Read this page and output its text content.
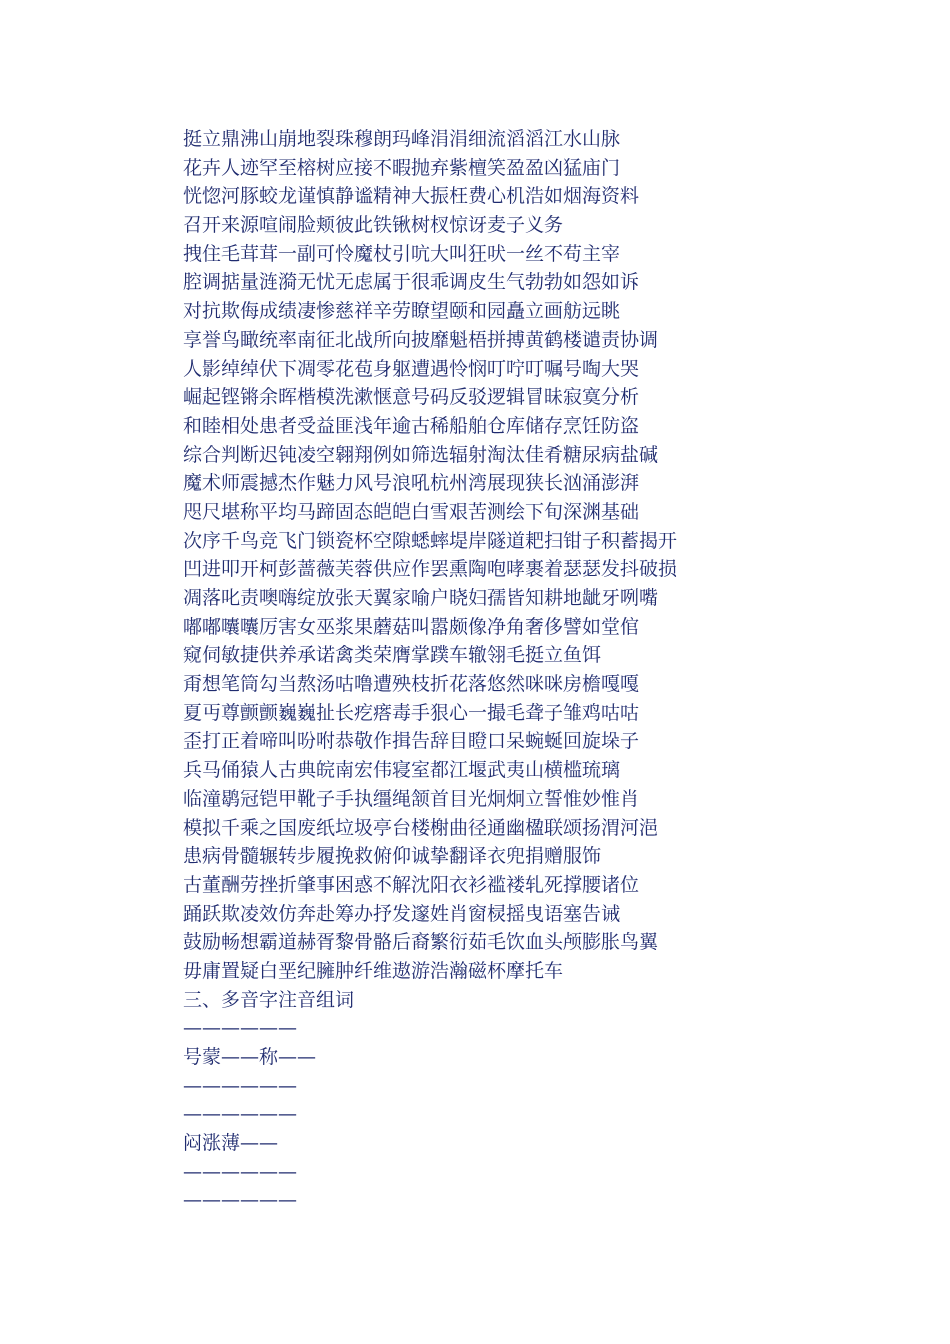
挺立鼎沸山崩地裂珠穆朗玛峰涓涓细流滔滔江水山脉
花卉人迹罕至榕树应接不暇抛弃紫檀笑盈盈凶猛庙门
恍惚河豚蛟龙谨慎静谧精神大振枉费心机浩如烟海资料
召开来源喧闹脸颊彼此铁锹树杈惊讶麦子义务
拽住毛茸茸一副可怜魔杖引吭大叫狂吠一丝不苟主宰
腔调掂量涟漪无忧无虑属于很乖调皮生气勃勃如怨如诉
对抗欺侮成绩凄惨慈祥辛劳瞭望颐和园矗立画舫远眺
享誉鸟瞰统率南征北战所向披靡魁梧拼搏黄鹤楼谴责协调
人影绰绰伏下凋零花苞身躯遭遇怜悯叮咛叮嘱号啕大哭
崛起铿锵余晖楷模洗漱惬意号码反驳逻辑冒昧寂寞分析
和睦相处患者受益匪浅年逾古稀船舶仓库储存烹饪防盗
综合判断迟钝凌空翱翔例如筛选辐射淘汰佳肴糖尿病盐碱
魔术师震撼杰作魅力风号浪吼杭州湾展现狭长汹涌澎湃
咫尺堪称平均马蹄固态皑皑白雪艰苦测绘下旬深渊基础
次序千鸟竞飞门锁瓷杯空隙蟋蟀堤岸隧道耙扫钳子积蓄揭开
凹进叩开柯彭蔷薇芙蓉供应作罢熏陶咆哮裹着瑟瑟发抖破损
凋落叱责噢嗨绽放张天翼家喻户晓妇孺皆知耕地龇牙咧嘴
嘟嘟囔囔厉害女巫浆果蘑菇叫嚣颇像净角奢侈譬如堂倌
窥伺敏捷供养承诺禽类荣膺掌蹼车辙翎毛挺立鱼饵
甭想笔筒勾当熬汤咕噜遭殃枝折花落悠然咪咪房檐嘎嘎
夏丏尊颤颤巍巍扯长疙瘩毒手狠心一撮毛聋子雏鸡咕咕
歪打正着啼叫吩咐恭敬作揖告辞目瞪口呆蜿蜒回旋垛子
兵马俑猿人古典皖南宏伟寝室都江堰武夷山横槛琉璃
临潼鹖冠铠甲靴子手执缰绳颔首目光炯炯立誓惟妙惟肖
模拟千乘之国废纸垃圾亭台楼榭曲径通幽楹联颂扬渭河浥
患病骨髓辗转步履挽救俯仰诚挚翻译衣兜捐赠服饰
古董酬劳挫折肇事困惑不解沈阳衣衫褴褛轧死撑腰诸位
踊跃欺凌效仿奔赴筹办抒发邃姓肖窗棂摇曳语塞告诫
鼓励畅想霸道赫胥黎骨骼后裔繁衍茹毛饮血头颅膨胀鸟翼
毋庸置疑白垩纪臃肿纤维遨游浩瀚磁杯摩托车
三、多音字注音组词
——————
号蒙——称——
——————
——————
闷涨薄——
——————
——————
